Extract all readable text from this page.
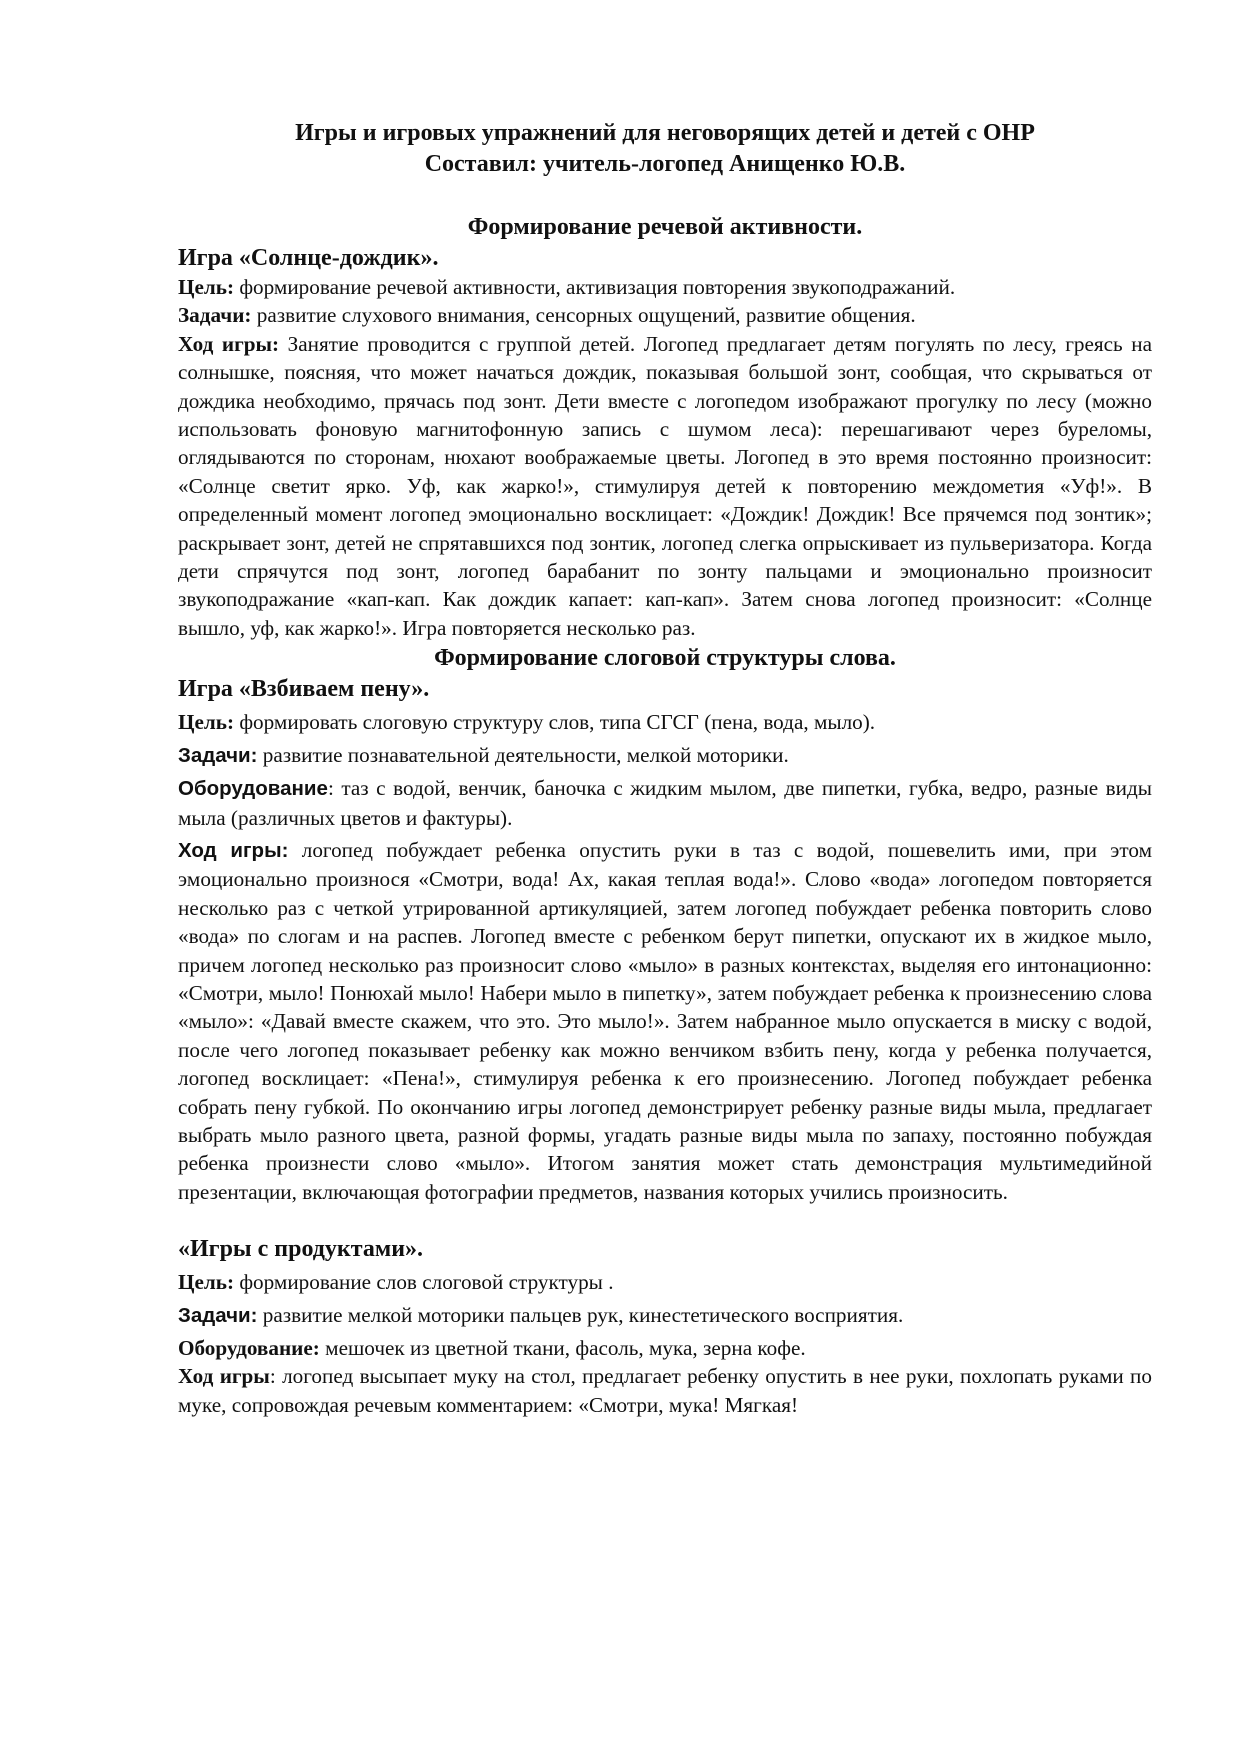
Игры и игровых упражнений для неговорящих детей и детей с ОНР
Составил: учитель-логопед Анищенко Ю.В.
Формирование речевой активности.
Игра «Солнце-дождик».

Цель: формирование речевой активности, активизация повторения звукоподражаний.

Задачи: развитие слухового внимания, сенсорных ощущений, развитие общения.

Ход игры: Занятие проводится с группой детей. Логопед предлагает детям погулять по лесу, греясь на солнышке, поясняя, что может начаться дождик, показывая большой зонт, сообщая, что скрываться от дождика необходимо, прячась под зонт. Дети вместе с логопедом изображают прогулку по лесу (можно использовать фоновую магнитофонную запись с шумом леса): перешагивают через буреломы, оглядываются по сторонам, нюхают воображаемые цветы. Логопед в это время постоянно произносит: «Солнце светит ярко. Уф, как жарко!», стимулируя детей к повторению междометия «Уф!». В определенный момент логопед эмоционально восклицает: «Дождик! Дождик! Все прячемся под зонтик»; раскрывает зонт, детей не спрятавшихся под зонтик, логопед слегка опрыскивает из пульверизатора. Когда дети спрячутся под зонт, логопед барабанит по зонту пальцами и эмоционально произносит звукоподражание «кап-кап. Как дождик капает: кап-кап». Затем снова логопед произносит: «Солнце вышло, уф, как жарко!». Игра повторяется несколько раз.

Формирование слоговой структуры слова.
Игра «Взбиваем пену».

Цель: формировать слоговую структуру слов, типа СГСГ (пена, вода, мыло).

Задачи: развитие познавательной деятельности, мелкой моторики.

Оборудование: таз с водой, венчик, баночка с жидким мылом, две пипетки, губка, ведро, разные виды мыла (различных цветов и фактуры).

Ход игры: логопед побуждает ребенка опустить руки в таз с водой, пошевелить ими, при этом эмоционально произнося «Смотри, вода! Ах, какая теплая вода!». Слово «вода» логопедом повторяется несколько раз с четкой утрированной артикуляцией, затем логопед побуждает ребенка повторить слово «вода» по слогам и на распев. Логопед вместе с ребенком берут пипетки, опускают их в жидкое мыло, причем логопед несколько раз произносит слово «мыло» в разных контекстах, выделяя его интонационно: «Смотри, мыло! Понюхай мыло! Набери мыло в пипетку», затем побуждает ребенка к произнесению слова «мыло»: «Давай вместе скажем, что это. Это мыло!». Затем набранное мыло опускается в миску с водой, после чего логопед показывает ребенку как можно венчиком взбить пену, когда у ребенка получается, логопед восклицает: «Пена!», стимулируя ребенка к его произнесению. Логопед побуждает ребенка собрать пену губкой. По окончанию игры логопед демонстрирует ребенку разные виды мыла, предлагает выбрать мыло разного цвета, разной формы, угадать разные виды мыла по запаху, постоянно побуждая ребенка произнести слово «мыло». Итогом занятия может стать демонстрация мультимедийной презентации, включающая фотографии предметов, названия которых учились произносить.

«Игры с продуктами».

Цель: формирование слов слоговой структуры .

Задачи: развитие мелкой моторики пальцев рук, кинестетического восприятия.

Оборудование: мешочек из цветной ткани, фасоль, мука, зерна кофе.

Ход игры: логопед высыпает муку на стол, предлагает ребенку опустить в нее руки, похлопать руками по муке, сопровождая речевым комментарием: «Смотри, мука! Мягкая!
